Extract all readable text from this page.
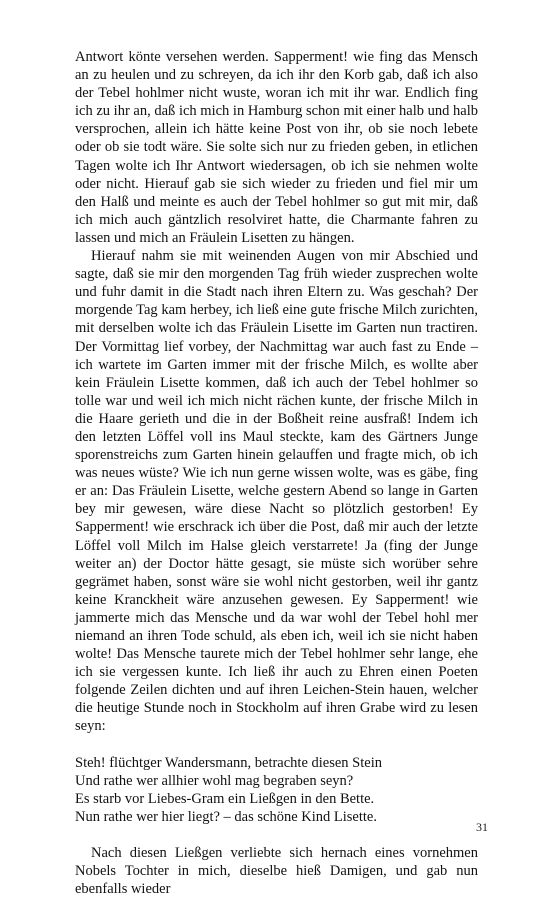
Antwort könte versehen werden. Sapperment! wie fing das Mensch an zu heulen und zu schreyen, da ich ihr den Korb gab, daß ich also der Tebel hohlmer nicht wuste, woran ich mit ihr war. Endlich fing ich zu ihr an, daß ich mich in Hamburg schon mit einer halb und halb versprochen, allein ich hätte keine Post von ihr, ob sie noch lebete oder ob sie todt wäre. Sie solte sich nur zu frieden geben, in etlichen Tagen wolte ich Ihr Antwort wiedersagen, ob ich sie nehmen wolte oder nicht. Hierauf gab sie sich wieder zu frieden und fiel mir um den Halß und meinte es auch der Tebel hohlmer so gut mit mir, daß ich mich auch gäntzlich resolviret hatte, die Charmante fahren zu lassen und mich an Fräulein Lisetten zu hängen.

Hierauf nahm sie mit weinenden Augen von mir Abschied und sagte, daß sie mir den morgenden Tag früh wieder zusprechen wolte und fuhr damit in die Stadt nach ihren Eltern zu. Was geschah? Der morgende Tag kam herbey, ich ließ eine gute frische Milch zurichten, mit derselben wolte ich das Fräulein Lisette im Garten nun tractiren. Der Vormittag lief vorbey, der Nachmittag war auch fast zu Ende – ich wartete im Garten immer mit der frische Milch, es wollte aber kein Fräulein Lisette kommen, daß ich auch der Tebel hohlmer so tolle war und weil ich mich nicht rächen kunte, der frische Milch in die Haare gerieth und die in der Boßheit reine ausfraß! Indem ich den letzten Löffel voll ins Maul steckte, kam des Gärtners Junge sporenstreichs zum Garten hinein gelauffen und fragte mich, ob ich was neues wüste? Wie ich nun gerne wissen wolte, was es gäbe, fing er an: Das Fräulein Lisette, welche gestern Abend so lange in Garten bey mir gewesen, wäre diese Nacht so plötzlich gestorben! Ey Sapperment! wie erschrack ich über die Post, daß mir auch der letzte Löffel voll Milch im Halse gleich verstarrete! Ja (fing der Junge weiter an) der Doctor hätte gesagt, sie müste sich worüber sehre gegrämet haben, sonst wäre sie wohl nicht gestorben, weil ihr gantz keine Kranckheit wäre anzusehen gewesen. Ey Sapperment! wie jammerte mich das Mensche und da war wohl der Tebel hohl mer niemand an ihren Tode schuld, als eben ich, weil ich sie nicht haben wolte! Das Mensche taurete mich der Tebel hohlmer sehr lange, ehe ich sie vergessen kunte. Ich ließ ihr auch zu Ehren einen Poeten folgende Zeilen dichten und auf ihren Leichen-Stein hauen, welcher die heutige Stunde noch in Stockholm auf ihren Grabe wird zu lesen seyn:

Steh! flüchtger Wandersmann, betrachte diesen Stein
Und rathe wer allhier wohl mag begraben seyn?
Es starb vor Liebes-Gram ein Ließgen in den Bette.
Nun rathe wer hier liegt? – das schöne Kind Lisette.

Nach diesen Ließgen verliebte sich hernach eines vornehmen Nobels Tochter in mich, dieselbe hieß Damigen, und gab nun ebenfalls wieder

31
